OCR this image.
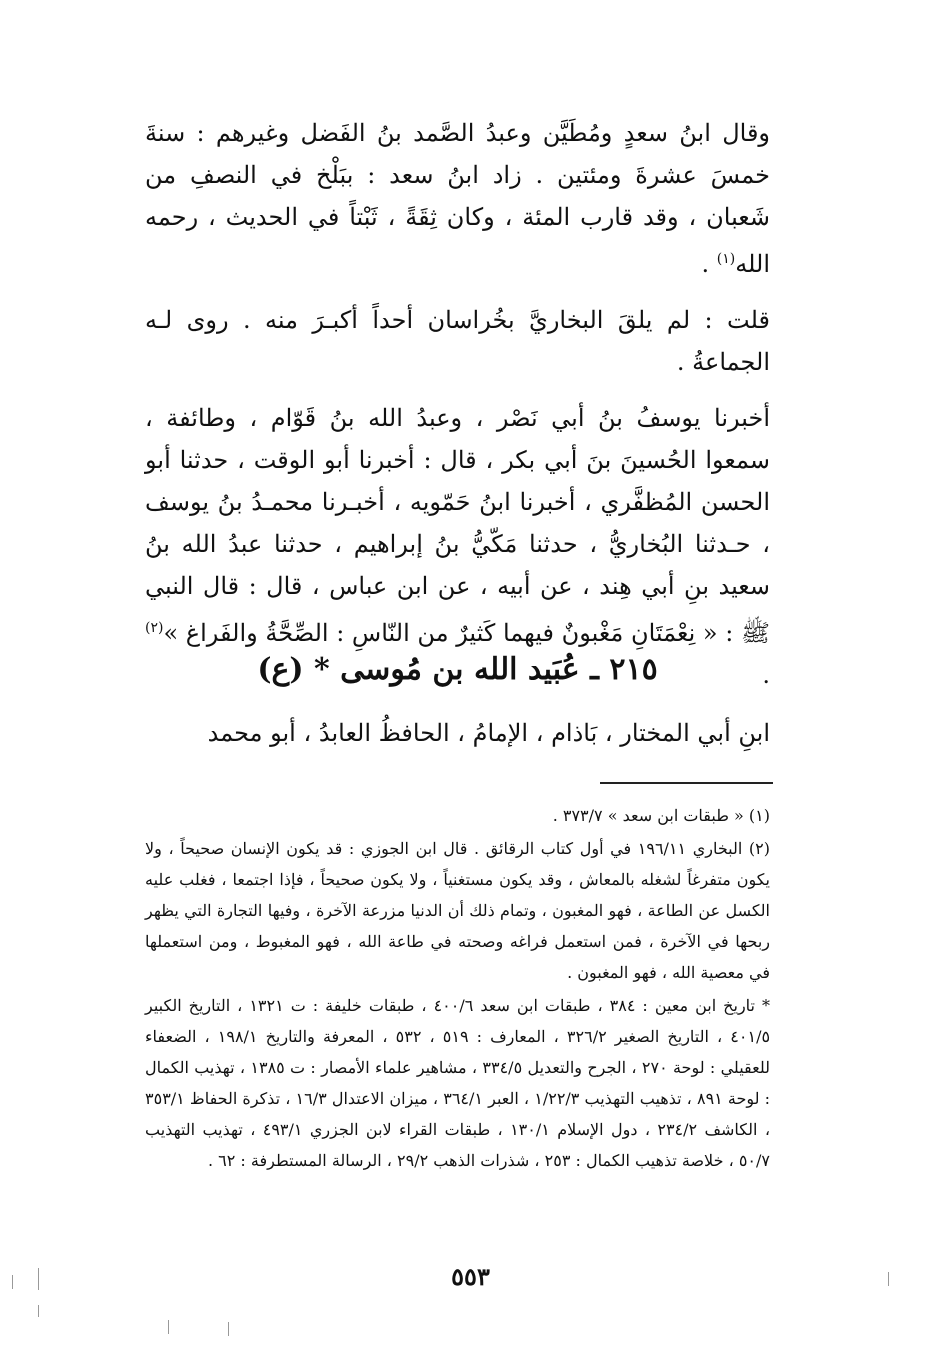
وقال ابنُ سعدٍ ومُطَيَّن وعبدُ الصَّمد بنُ الفَضل وغيرهم : سنةَ خمسَ عشرةَ ومئتين . زاد ابنُ سعد : ببَلْخ في النصفِ من شَعبان ، وقد قارب المئة ، وكان ثِقَةً ، ثَبْتاً في الحديث ، رحمه الله$^{(١)}$ .

قلت : لم يلقَ البخاريَّ بخُراسان أحداً أكبـرَ منه . روى لـه الجماعةُ .

أخبرنا يوسفُ بنُ أبي نَصْر ، وعبدُ الله بنُ قَوّام ، وطائفة ، سمعوا الحُسينَ بنَ أبي بكر ، قال : أخبرنا أبو الوقت ، حدثنا أبو الحسن المُظفَّري ، أخبرنا ابنُ حَمّويه ، أخبـرنا محمـدُ بنُ يوسف ، حـدثنا البُخاريُّ ، حدثنا مَكّيُّ بنُ إبراهيم ، حدثنا عبدُ الله بنُ سعيد بنِ أبي هِند ، عن أبيه ، عن ابن عباس ، قال : قال النبي ﷺ : « نِعْمَتَانِ مَغْبونٌ فيهما كَثيرٌ من النّاسِ : الصِّحَّةُ والفَراغ »$^{(٢)}$ .

٢١٥ ـ عُبَيد الله بن مُوسى * (ع)
ابنِ أبي المختار ، بَاذام ، الإمامُ ، الحافظُ العابدُ ، أبو محمد

(١) « طبقات ابن سعد » ٣٧٣/٧ .

(٢) البخاري ١٩٦/١١ في أول كتاب الرقائق . قال ابن الجوزي : قد يكون الإنسان صحيحاً ، ولا يكون متفرغاً لشغله بالمعاش ، وقد يكون مستغنياً ، ولا يكون صحيحاً ، فإذا اجتمعا ، فغلب عليه الكسل عن الطاعة ، فهو المغبون ، وتمام ذلك أن الدنيا مزرعة الآخرة ، وفيها التجارة التي يظهر ربحها في الآخرة ، فمن استعمل فراغه وصحته في طاعة الله ، فهو المغبوط ، ومن استعملها في معصية الله ، فهو المغبون .

* تاريخ ابن معين : ٣٨٤ ، طبقات ابن سعد ٤٠٠/٦ ، طبقات خليفة : ت ١٣٢١ ، التاريخ الكبير ٤٠١/٥ ، التاريخ الصغير ٣٢٦/٢ ، المعارف : ٥١٩ ، ٥٣٢ ، المعرفة والتاريخ ١٩٨/١ ، الضعفاء للعقيلي : لوحة ٢٧٠ ، الجرح والتعديل ٣٣٤/٥ ، مشاهير علماء الأمصار : ت ١٣٨٥ ، تهذيب الكمال : لوحة ٨٩١ ، تذهيب التهذيب ١/٢٢/٣ ، العبر ٣٦٤/١ ، ميزان الاعتدال ١٦/٣ ، تذكرة الحفاظ ٣٥٣/١ ، الكاشف ٢٣٤/٢ ، دول الإسلام ١٣٠/١ ، طبقات القراء لابن الجزري ٤٩٣/١ ، تهذيب التهذيب ٥٠/٧ ، خلاصة تذهيب الكمال : ٢٥٣ ، شذرات الذهب ٢٩/٢ ، الرسالة المستطرفة : ٦٢ .

٥٥٣
